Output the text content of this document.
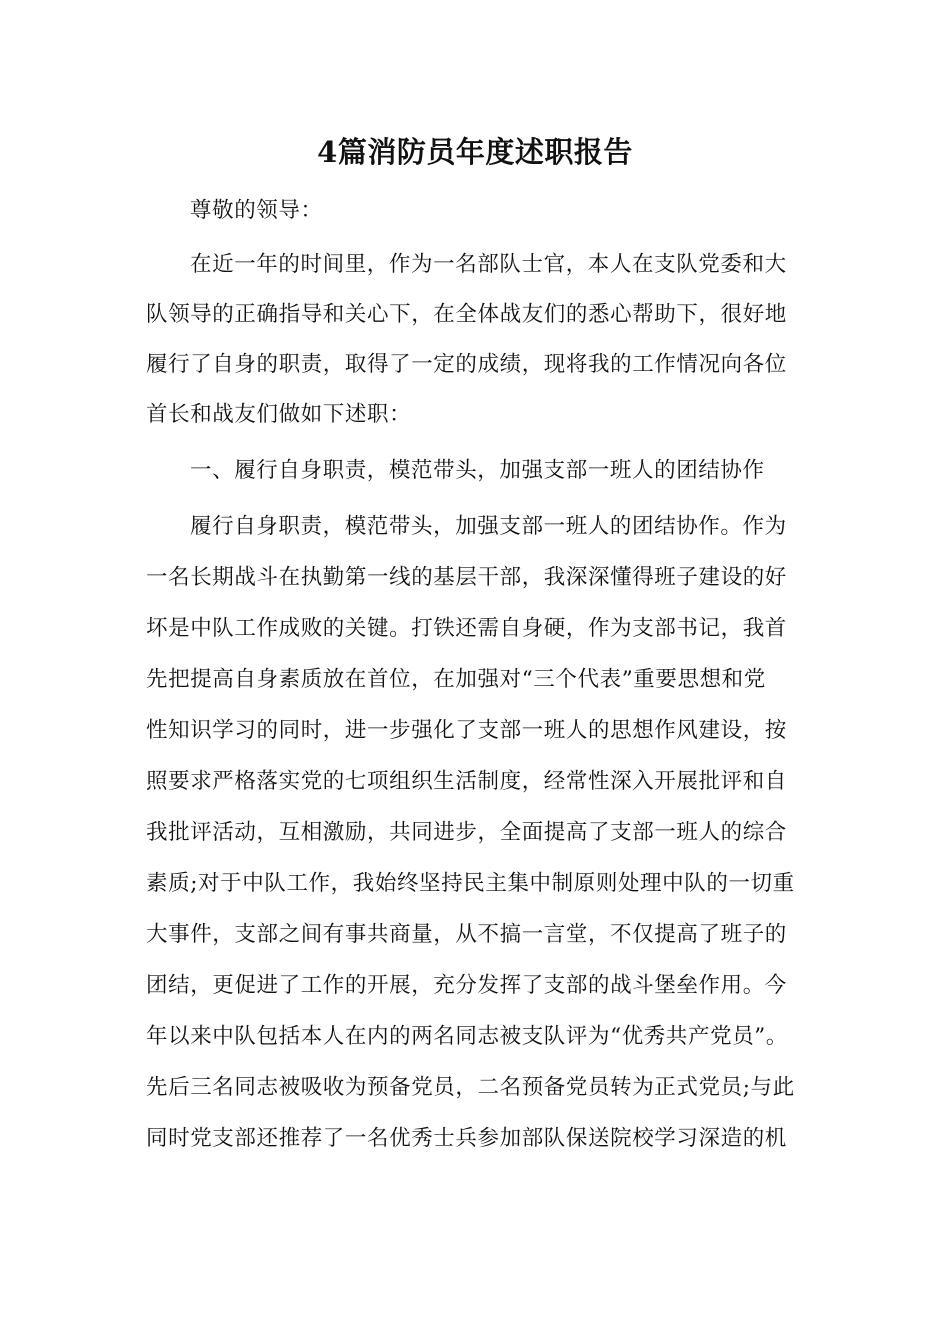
4篇消防员年度述职报告
尊敬的领导：
在近一年的时间里，作为一名部队士官，本人在支队党委和大
队领导的正确指导和关心下，在全体战友们的悉心帮助下，很好地
履行了自身的职责，取得了一定的成绩，现将我的工作情况向各位
首长和战友们做如下述职：
一、履行自身职责，模范带头，加强支部一班人的团结协作
履行自身职责，模范带头，加强支部一班人的团结协作。作为
一名长期战斗在执勤第一线的基层干部，我深深懂得班子建设的好
坏是中队工作成败的关键。打铁还需自身硬，作为支部书记，我首
先把提高自身素质放在首位，在加强对“三个代表”重要思想和党
性知识学习的同时，进一步强化了支部一班人的思想作风建设，按
照要求严格落实党的七项组织生活制度，经常性深入开展批评和自
我批评活动，互相激励，共同进步，全面提高了支部一班人的综合
素质;对于中队工作，我始终坚持民主集中制原则处理中队的一切重
大事件，支部之间有事共商量，从不搞一言堂，不仅提高了班子的
团结，更促进了工作的开展，充分发挥了支部的战斗堡垒作用。今
年以来中队包括本人在内的两名同志被支队评为“优秀共产党员”。
先后三名同志被吸收为预备党员，二名预备党员转为正式党员;与此
同时党支部还推荐了一名优秀士兵参加部队保送院校学习深造的机
